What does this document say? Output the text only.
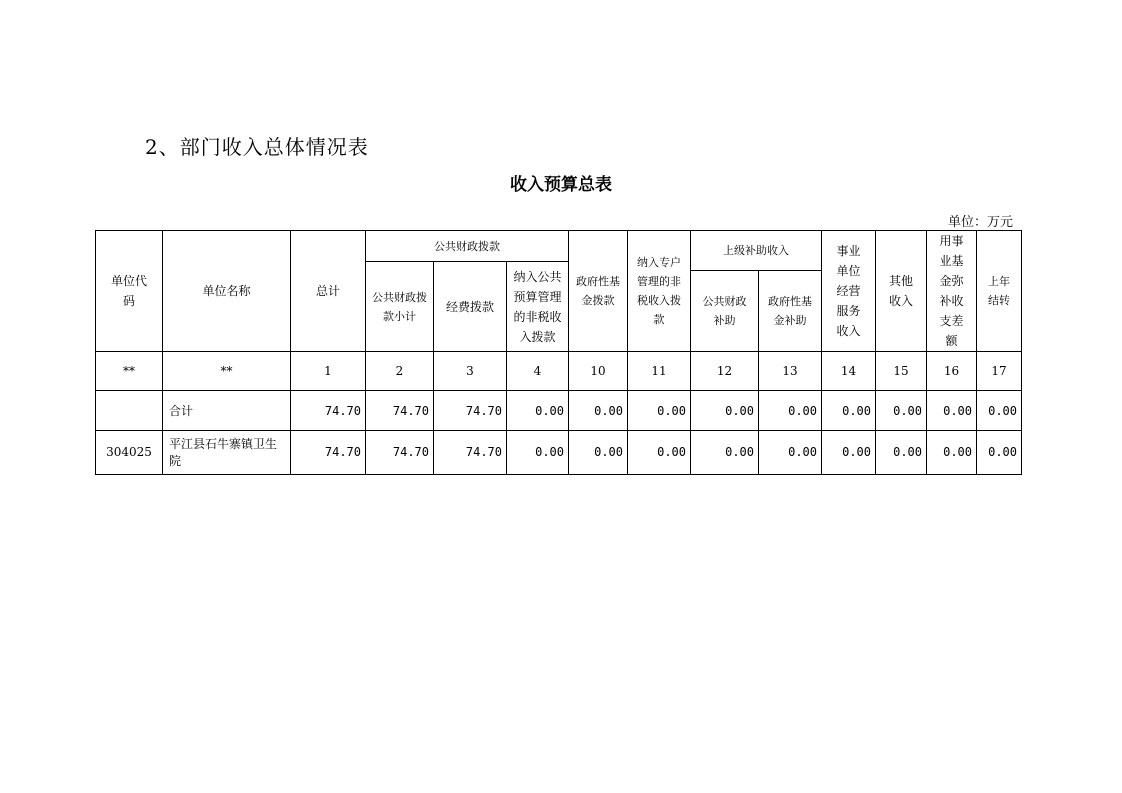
2、部门收入总体情况表
收入预算总表
单位：万元
单位代码	单位名称	总计	公共财政拨款			政府性基金拨款	纳入专户管理的非税收入拨款	上级补助收入		事业单位经营服务收入	其他收入	用事业基金弥补收支差额	上年结转
			公共财政拨款小计	经费拨款	纳入公共预算管理的非税收入拨款								
								公共财政补助	政府性基金补助				
**	**	1	2	3	4	10	11	12	13	14	15	16	17
	合计	74.70	74.70	74.70	0.00	0.00	0.00	0.00	0.00	0.00	0.00	0.00	0.00
304025	平江县石牛寨镇卫生院	74.70	74.70	74.70	0.00	0.00	0.00	0.00	0.00	0.00	0.00	0.00	0.00
